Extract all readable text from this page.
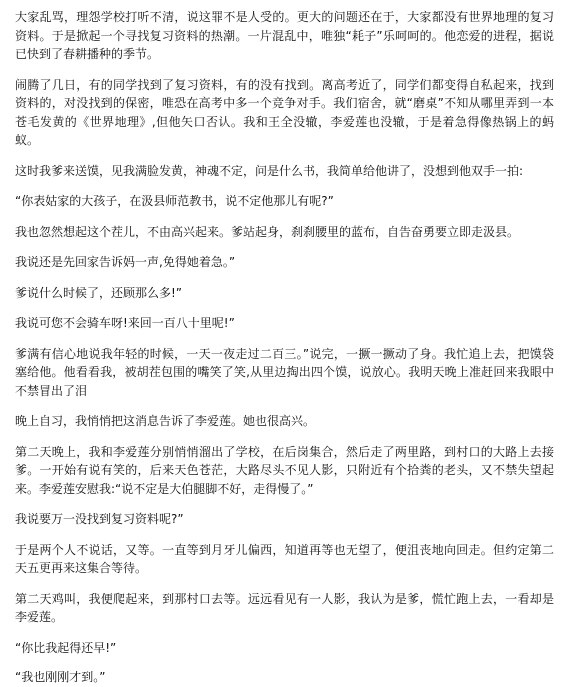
大家乱骂，理怨学校打听不清，说这罪不是人受的。更大的问题还在于，大家都没有世界地理的复习资料。于是掀起一个寻找复习资料的热潮。一片混乱中，唯独“耗子”乐呵呵的。他恋爱的进程，据说已快到了春耕播种的季节。

闹腾了几日，有的同学找到了复习资料，有的没有找到。离高考近了，同学们都变得自私起来，找到资料的，对没找到的保密，唯恐在高考中多一个竞争对手。我们宿舍，就“磨桌”不知从哪里弄到一本苍毛发黄的《世界地理》,但他矢口否认。我和王全没辙，李爱莲也没辙，于是着急得像热锅上的蚂蚁。

这时我爹来送馍，见我满脸发黄，神魂不定，问是什么书，我简单给他讲了，没想到他双手一拍:

“你表姑家的大孩子，在汲县师范教书，说不定他那儿有呢?”

我也忽然想起这个茬儿，不由高兴起来。爹站起身，刹刹腰里的蓝布，自告奋勇要立即走汲县。

我说还是先回家告诉妈一声,免得她着急。”

爹说什么时候了，还顾那么多!”

我说可您不会骑车呀!来回一百八十里呢!”

爹满有信心地说我年轻的时候，一天一夜走过二百三。”说完，一撅一撅动了身。我忙追上去，把馍袋塞给他。他看看我，被胡茬包围的嘴笑了笑,从里边掏出四个馍，说放心。我明天晚上准赶回来我眼中不禁冒出了泪

晚上自习，我悄悄把这消息告诉了李爱莲。她也很高兴。

第二天晚上，我和李爱莲分别悄悄溜出了学校，在后岗集合，然后走了两里路，到村口的大路上去接爹。一开始有说有笑的，后来天色苍茫，大路尽头不见人影，只附近有个拾粪的老头，又不禁失望起来。李爱莲安慰我:“说不定是大伯腿脚不好，走得慢了。”

我说要万一没找到复习资料呢?”

于是两个人不说话，又等。一直等到月牙儿偏西，知道再等也无望了，便沮丧地向回走。但约定第二天五更再来这集合等待。

第二天鸡叫，我便爬起来，到那村口去等。远远看见有一人影，我认为是爹，慌忙跑上去，一看却是李爱莲。

“你比我起得还早!”

“我也刚刚才到。”
